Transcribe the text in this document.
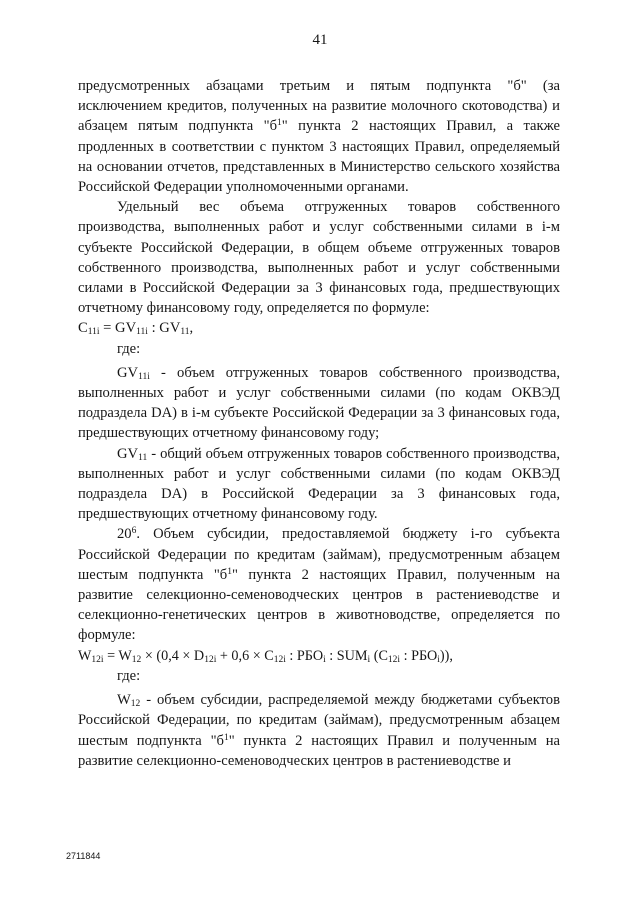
41

предусмотренных абзацами третьим и пятым подпункта "б" (за исключением кредитов, полученных на развитие молочного скотоводства) и абзацем пятым подпункта "$б^1$" пункта 2 настоящих Правил, а также продленных в соответствии с пунктом 3 настоящих Правил, определяемый на основании отчетов, представленных в Министерство сельского хозяйства Российской Федерации уполномоченными органами.

Удельный вес объема отгруженных товаров собственного производства, выполненных работ и услуг собственными силами в i-м субъекте Российской Федерации, в общем объеме отгруженных товаров собственного производства, выполненных работ и услуг собственными силами в Российской Федерации за 3 финансовых года, предшествующих отчетному финансовому году, определяется по формуле:

$C_{11i} = GV_{11i}$ : $GV_{11}$,

где:

$GV_{11i}$ - объем отгруженных товаров собственного производства, выполненных работ и услуг собственными силами (по кодам ОКВЭД подраздела DA) в i-м субъекте Российской Федерации за 3 финансовых года, предшествующих отчетному финансовому году;

$GV_{11}$ - общий объем отгруженных товаров собственного производства, выполненных работ и услуг собственными силами (по кодам ОКВЭД подраздела DA) в Российской Федерации за 3 финансовых года, предшествующих отчетному финансовому году.

$20^6$. Объем субсидии, предоставляемой бюджету i-го субъекта Российской Федерации по кредитам (займам), предусмотренным абзацем шестым подпункта "$б^1$" пункта 2 настоящих Правил, полученным на развитие селекционно-семеноводческих центров в растениеводстве и селекционно-генетических центров в животноводстве, определяется по формуле:

$W_{12i} = W_{12} \times (0,4 \times D_{12i} + 0,6 \times C_{12i}$ : $РБО_i$ : $SUM_i$ ($C_{12i}$ : $РБО_i$)),

где:

$W_{12}$ - объем субсидии, распределяемой между бюджетами субъектов Российской Федерации, по кредитам (займам), предусмотренным абзацем шестым подпункта "$б^1$" пункта 2 настоящих Правил и полученным на развитие селекционно-семеноводческих центров в растениеводстве и

2711844
